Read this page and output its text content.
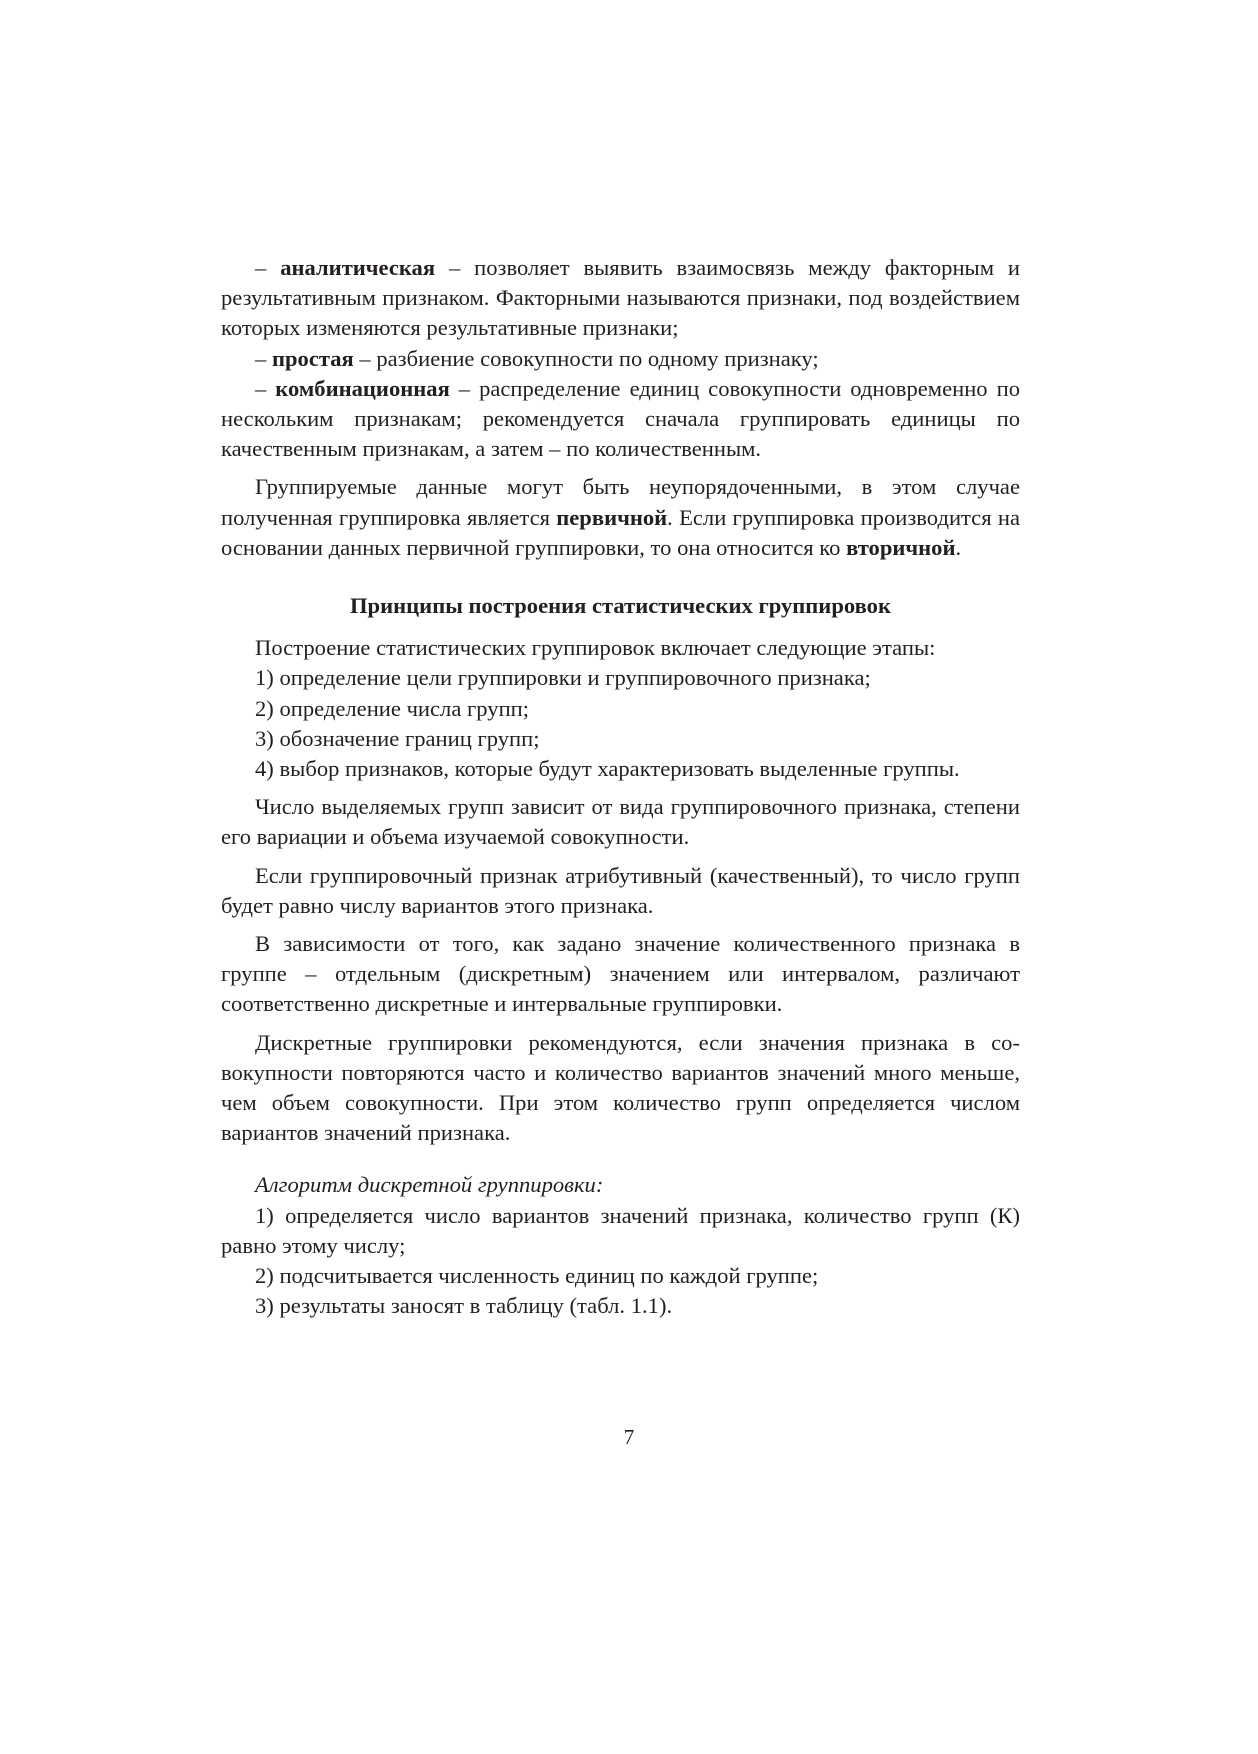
– аналитическая – позволяет выявить взаимосвязь между факторным и результативным признаком. Факторными называются признаки, под воздействием которых изменяются результативные признаки;

– простая – разбиение совокупности по одному признаку;

– комбинационная – распределение единиц совокупности одновременно по нескольким признакам; рекомендуется сначала группировать единицы по качественным признакам, а затем – по количественным.

Группируемые данные могут быть неупорядоченными, в этом случае полученная группировка является первичной. Если группировка производится на основании данных первичной группировки, то она относится ко вторичной.

Принципы построения статистических группировок

Построение статистических группировок включает следующие этапы:

1) определение цели группировки и группировочного признака;

2) определение числа групп;

3) обозначение границ групп;

4) выбор признаков, которые будут характеризовать выделенные группы.

Число выделяемых групп зависит от вида группировочного признака, степени его вариации и объема изучаемой совокупности.

Если группировочный признак атрибутивный (качественный), то число групп будет равно числу вариантов этого признака.

В зависимости от того, как задано значение количественного признака в группе – отдельным (дискретным) значением или интервалом, различают соответственно дискретные и интервальные группировки.

Дискретные группировки рекомендуются, если значения признака в совокупности повторяются часто и количество вариантов значений много меньше, чем объем совокупности. При этом количество групп определяется числом вариантов значений признака.

Алгоритм дискретной группировки:

1) определяется число вариантов значений признака, количество групп (К) равно этому числу;

2) подсчитывается численность единиц по каждой группе;

3) результаты заносят в таблицу (табл. 1.1).

7
